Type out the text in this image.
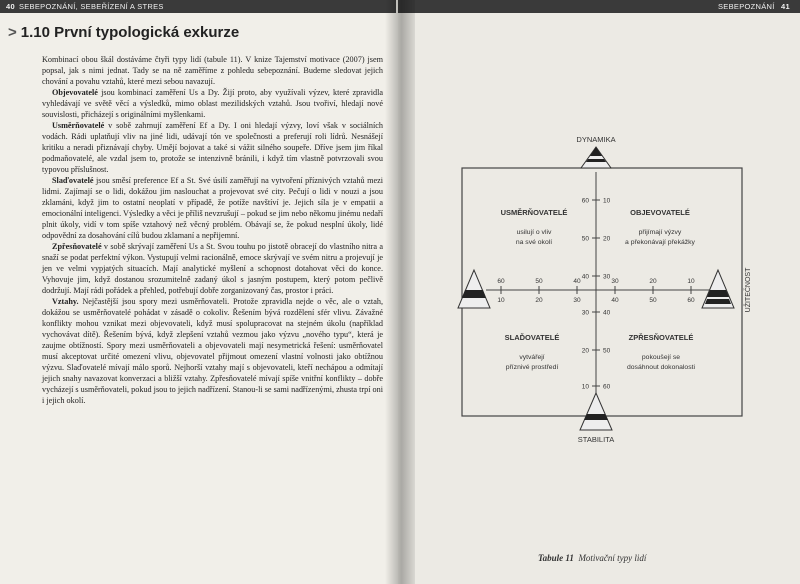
40 SEBEPOZNÁNÍ, SEBEŘÍZENÍ A STRES
> 1.10 První typologická exkurze

Kombinací obou škál dostáváme čtyři typy lidí (tabule 11). V knize Tajemství motivace (2007) jsem popsal, jak s nimi jednat. Tady se na ně zaměříme z pohledu sebepoznání. Budeme sledovat jejich chování a povahu vztahů, které mezi sebou navazují.

Objevovatelé jsou kombinací zaměření Us a Dy. Žijí proto, aby využívali výzev, které zpravidla vyhledávají ve světě věcí a výsledků, mimo oblast mezilidských vztahů. Jsou tvořiví, hledají nové souvislosti, přicházejí s originálními myšlenkami.

Usměrňovatelé v sobě zahrnují zaměření Ef a Dy. I oni hledají výzvy, loví však v sociálních vodách. Rádi uplatňují vliv na jiné lidi, udávají tón ve společnosti a preferují roli lídrů. Nesnášejí kritiku a neradi přiznávají chyby. Umějí bojovat a také si vážit silného soupeře. Dříve jsem jim říkal podmaňovatelé, ale vzdal jsem to, protože se intenzivně bránili, i když tím vlastně potvrzovali svou typovou příslušnost.

Slaďovatelé jsou směsí preference Ef a St. Své úsilí zaměřují na vytvoření příznivých vztahů mezi lidmi. Zajímají se o lidi, dokážou jim naslouchat a projevovat své city. Pečují o lidi v nouzi a jsou zklamáni, když jim to ostatní neoplatí v případě, že potíže navštíví je. Jejich síla je v empatii a emocionální inteligenci. Výsledky a věci je příliš nevzrušují – pokud se jim nebo někomu jinému nedaří plnit úkoly, vidí v tom spíše vztahový než věcný problém. Obávají se, že pokud nesplní úkoly, lidé odpovědní za dosahování cílů budou zklamaní a nepřijemní.

Zpřesňovatelé v sobě skrývají zaměření Us a St. Svou touhu po jistotě obracejí do vlastního nitra a snaží se podat perfektní výkon. Vystupují velmi racionálně, emoce skrývají ve svém nitru a projevují je jen ve velmi vypjatých situacích. Mají analytické myšlení a schopnost dotahovat věci do konce. Vyhovuje jim, když dostanou srozumitelně zadaný úkol s jasným postupem, který potom pečlivě dodržují. Mají rádi pořádek a přehled, potřebují dobře zorganizovaný čas, prostor i práci.

Vztahy. Nejčastější jsou spory mezi usměrňovateli. Protože zpravidla nejde o věc, ale o vztah, dokážou se usměrňovatelé pohádat v zásadě o cokoliv. Řešením bývá rozdělení sfér vlivu. Závažné konflikty mohou vznikat mezi objevovateli, když musí spolupracovat na stejném úkolu (například vychovávat dítě). Řešením bývá, když zlepšení vztahů vezmou jako výzvu „nového typu“, která je zaujme obtížností. Spory mezi usměrňovateli a objevovateli mají nesymetrická řešení: usměrňovatel musí akceptovat určité omezení vlivu, objevovatel přijmout omezení vlastní volnosti jako obtížnou výzvu. Slaďovatelé mívají málo sporů. Nejhorší vztahy mají s objevovateli, kteří nechápou a odmítají jejich snahy navazovat konverzaci a bližší vztahy. Zpřesňovatelé mívají spíše vnitřní konflikty – dobře vycházejí s usměrňovateli, pokud jsou to jejich nadřízení. Stanou-li se sami nadřízenými, zhusta trpí oni i jejich okolí.

SEBEPOZNÁNÍ 41
DYNAMIKA
STABILITA
UŽITEČNOST
USMĚRŇOVATELÉ
usilují o vliv
na své okolí
OBJEVOVATELÉ
přijímají výzvy
a překonávají překážky
SLAĎOVATELÉ
vytvářejí
příznivé prostředí
ZPŘESŇOVATELÉ
pokoušejí se
dosáhnout dokonalosti
60
10
50
20
40
30
30
40
20
50
10
60
60 10
50 20
40 30
30 40
20 50
10 60
Tabule 11 Motivační typy lidí
